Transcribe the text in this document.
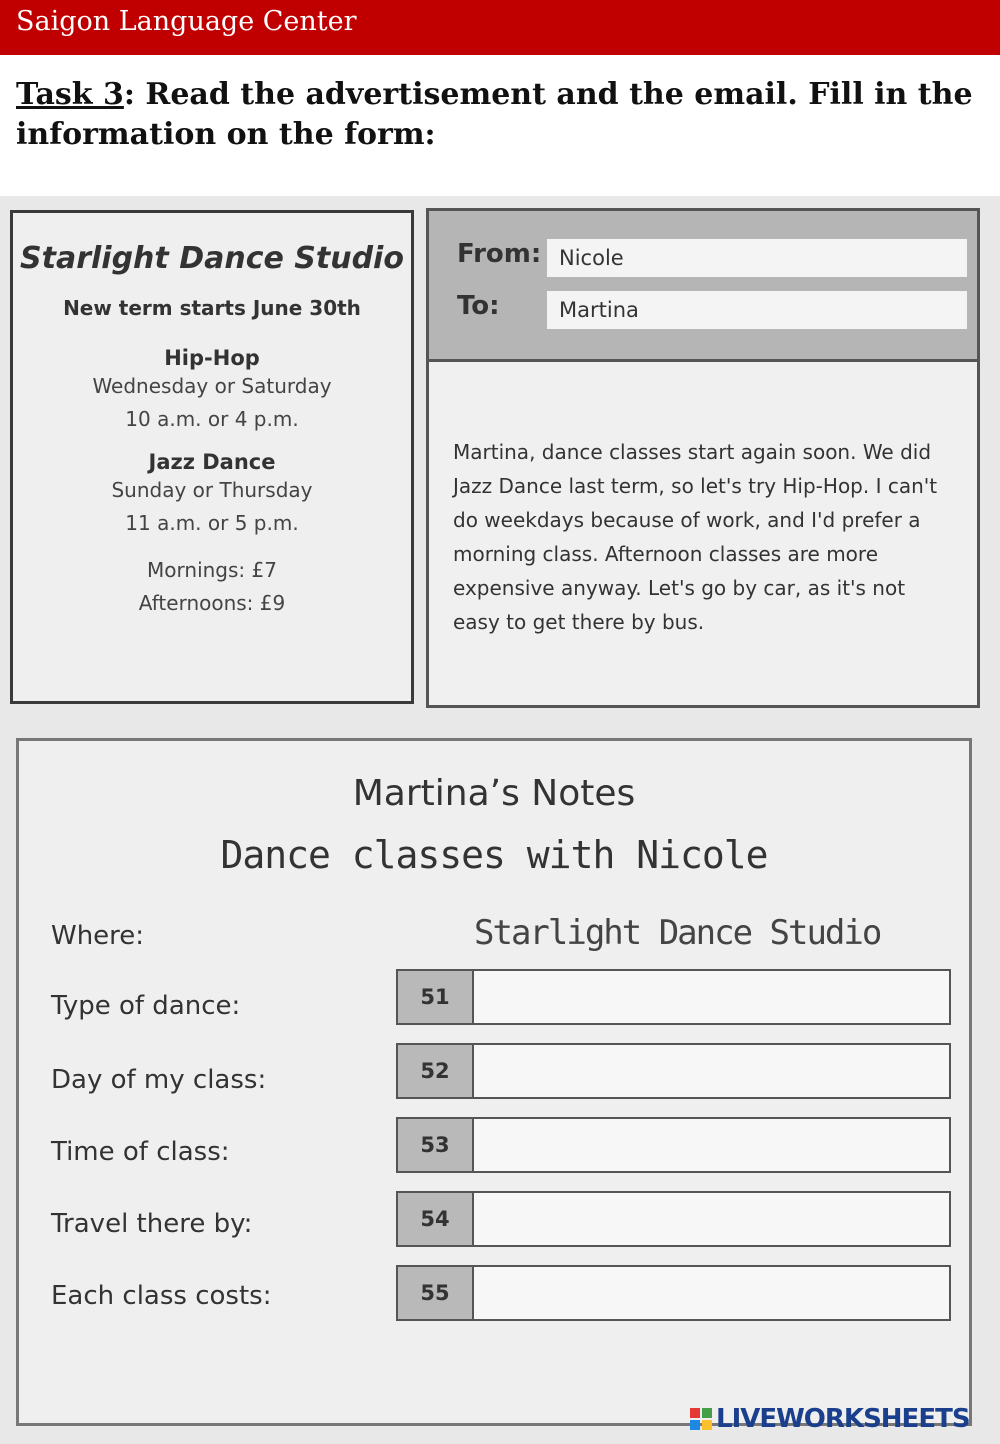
Saigon Language Center
Task 3: Read the advertisement and the email. Fill in the information on the form:
Starlight Dance Studio
New term starts June 30th
Hip-Hop
Wednesday or Saturday
10 a.m. or 4 p.m.
Jazz Dance
Sunday or Thursday
11 a.m. or 5 p.m.
Mornings: £7
Afternoons: £9
From: Nicole
To:	Martina
Martina, dance classes start again soon. We did Jazz Dance last term, so let's try Hip-Hop. I can't do weekdays because of work, and I'd prefer a morning class. Afternoon classes are more expensive anyway. Let's go by car, as it's not easy to get there by bus.
Martina’s Notes
Dance classes with Nicole
Where:	Starlight Dance Studio
Type of dance:	51
Day of my class:	52
Time of class:	53
Travel there by:	54
Each class costs:	55
LIVEWORKSHEETS
